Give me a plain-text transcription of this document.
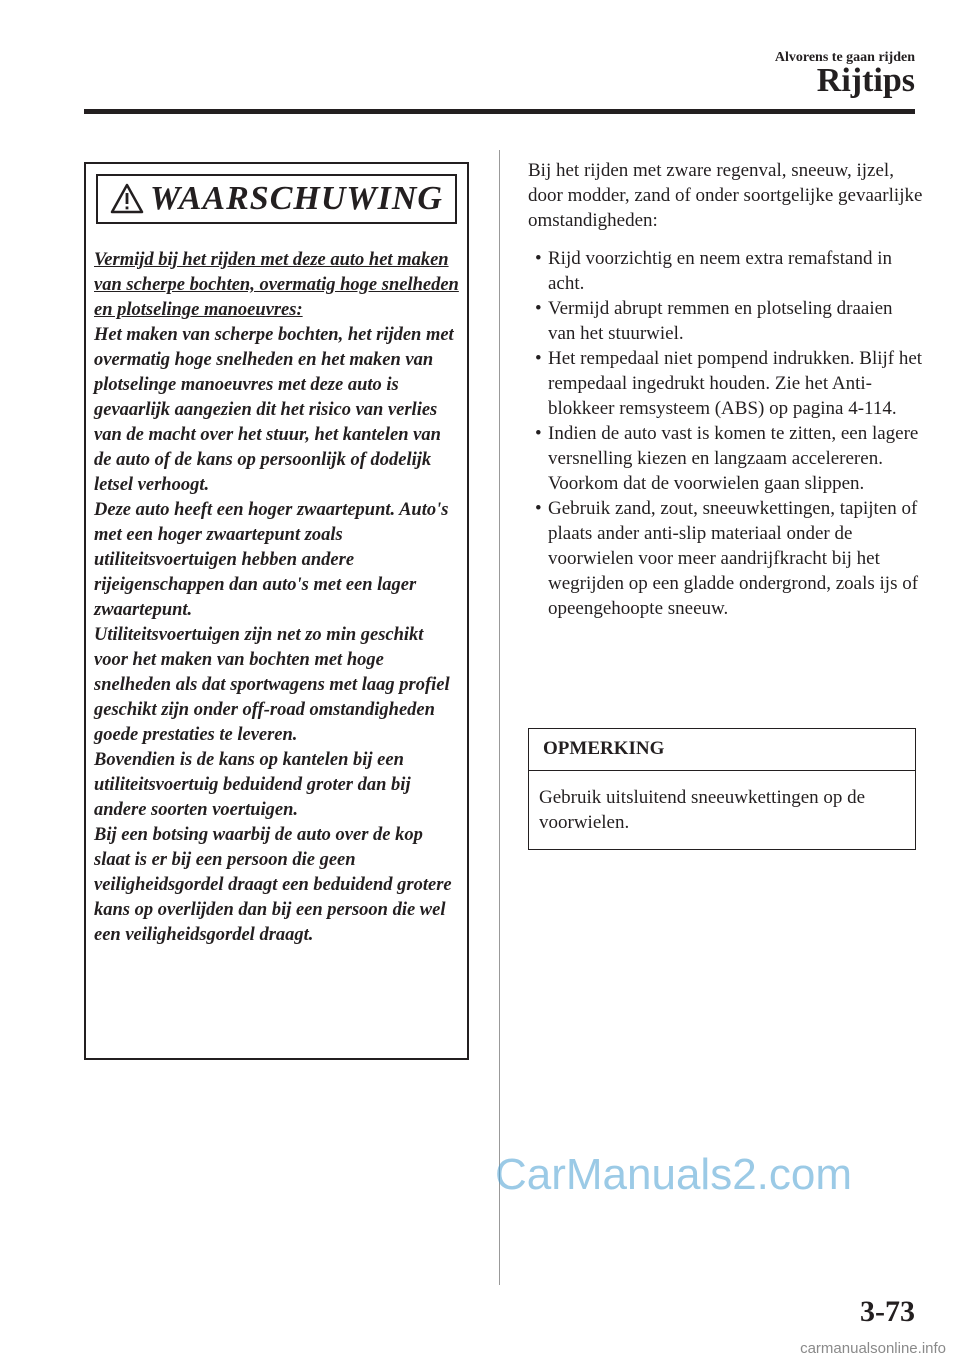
Alvorens te gaan rijden
Rijtips
WAARSCHUWING

Vermijd bij het rijden met deze auto het maken van scherpe bochten, overmatig hoge snelheden en plotselinge manoeuvres:

Het maken van scherpe bochten, het rijden met overmatig hoge snelheden en het maken van plotselinge manoeuvres met deze auto is gevaarlijk aangezien dit het risico van verlies van de macht over het stuur, het kantelen van de auto of de kans op persoonlijk of dodelijk letsel verhoogt.

Deze auto heeft een hoger zwaartepunt. Auto's met een hoger zwaartepunt zoals utiliteitsvoertuigen hebben andere rijeigenschappen dan auto's met een lager zwaartepunt.

Utiliteitsvoertuigen zijn net zo min geschikt voor het maken van bochten met hoge snelheden als dat sportwagens met laag profiel geschikt zijn onder off-road omstandigheden goede prestaties te leveren.

Bovendien is de kans op kantelen bij een utiliteitsvoertuig beduidend groter dan bij andere soorten voertuigen.

Bij een botsing waarbij de auto over de kop slaat is er bij een persoon die geen veiligheidsgordel draagt een beduidend grotere kans op overlijden dan bij een persoon die wel een veiligheidsgordel draagt.

Bij het rijden met zware regenval, sneeuw, ijzel, door modder, zand of onder soortgelijke gevaarlijke omstandigheden:

• Rijd voorzichtig en neem extra remafstand in acht.
• Vermijd abrupt remmen en plotseling draaien van het stuurwiel.
• Het rempedaal niet pompend indrukken. Blijf het rempedaal ingedrukt houden. Zie het Anti-blokkeer remsysteem (ABS) op pagina 4-114.
• Indien de auto vast is komen te zitten, een lagere versnelling kiezen en langzaam accelereren. Voorkom dat de voorwielen gaan slippen.
• Gebruik zand, zout, sneeuwkettingen, tapijten of plaats ander anti-slip materiaal onder de voorwielen voor meer aandrijfkracht bij het wegrijden op een gladde ondergrond, zoals ijs of opeengehoopte sneeuw.
OPMERKING
Gebruik uitsluitend sneeuwkettingen op de voorwielen.
CarManuals2.com
3-73
carmanualsonline.info
